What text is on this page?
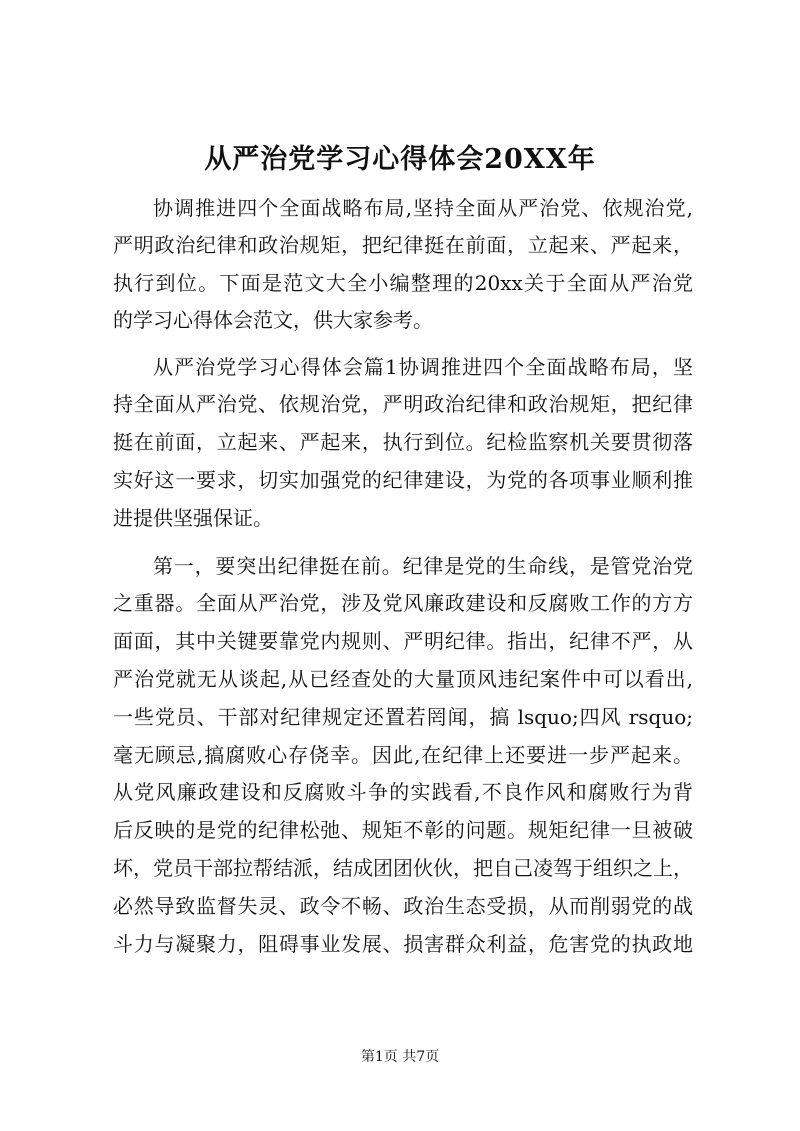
从严治党学习心得体会20XX年
协调推进四个全面战略布局,坚持全面从严治党、依规治党,
严明政治纪律和政治规矩，把纪律挺在前面，立起来、严起来，
执行到位。下面是范文大全小编整理的20xx关于全面从严治党
的学习心得体会范文，供大家参考。
从严治党学习心得体会篇1协调推进四个全面战略布局，坚
持全面从严治党、依规治党，严明政治纪律和政治规矩，把纪律
挺在前面，立起来、严起来，执行到位。纪检监察机关要贯彻落
实好这一要求，切实加强党的纪律建设，为党的各项事业顺利推
进提供坚强保证。
第一，要突出纪律挺在前。纪律是党的生命线，是管党治党
之重器。全面从严治党，涉及党风廉政建设和反腐败工作的方方
面面，其中关键要靠党内规则、严明纪律。指出，纪律不严，从
严治党就无从谈起,从已经查处的大量顶风违纪案件中可以看出,
一些党员、干部对纪律规定还置若罔闻，搞 lsquo;四风 rsquo;
毫无顾忌,搞腐败心存侥幸。因此,在纪律上还要进一步严起来。
从党风廉政建设和反腐败斗争的实践看,不良作风和腐败行为背
后反映的是党的纪律松弛、规矩不彰的问题。规矩纪律一旦被破
坏，党员干部拉帮结派，结成团团伙伙，把自己凌驾于组织之上，
必然导致监督失灵、政令不畅、政治生态受损，从而削弱党的战
斗力与凝聚力，阻碍事业发展、损害群众利益，危害党的执政地
第1页 共7页
